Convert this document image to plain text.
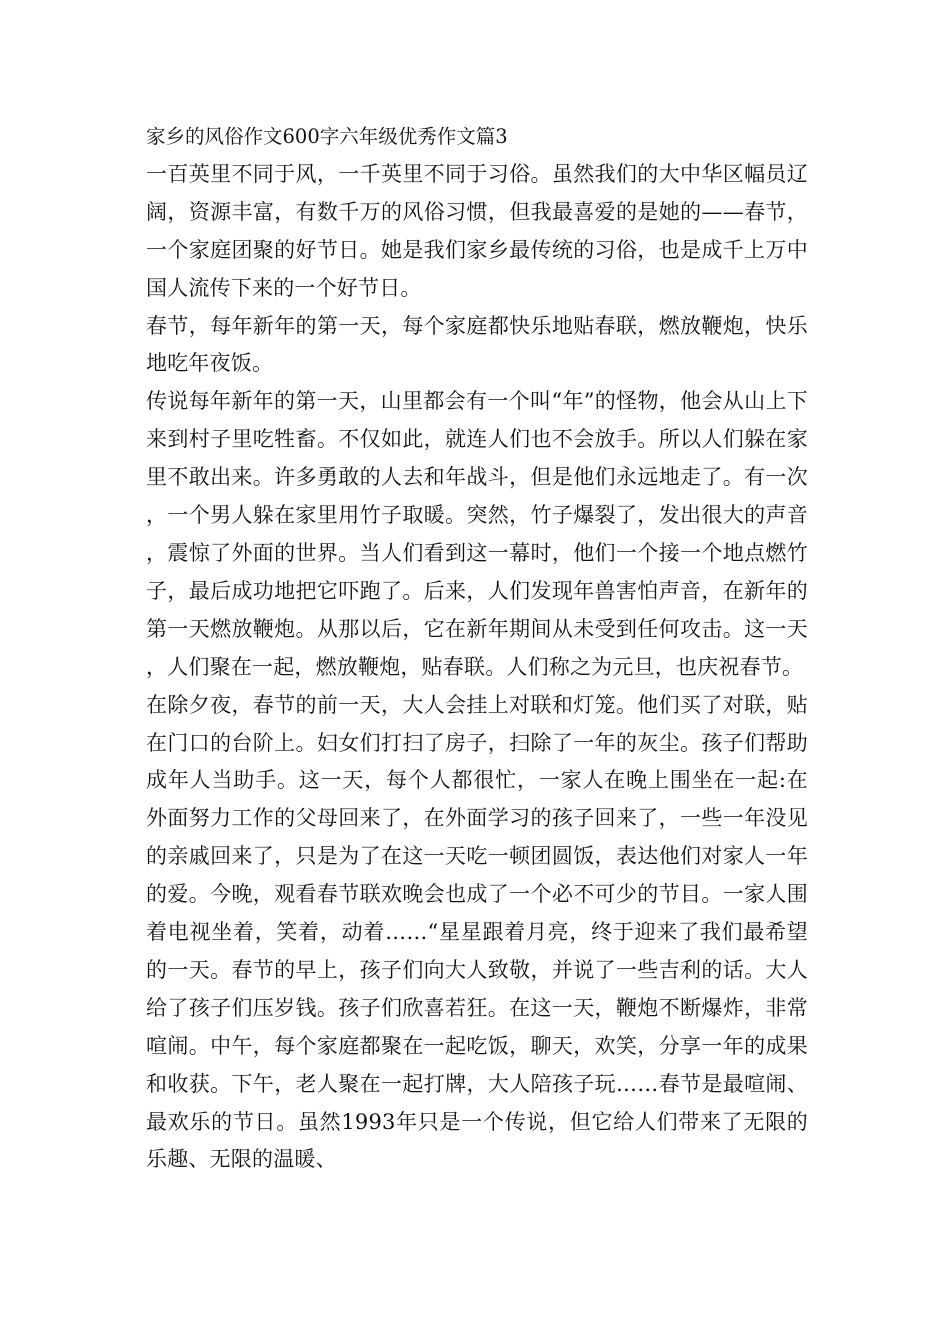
家乡的风俗作文600字六年级优秀作文篇3

一百英里不同于风，一千英里不同于习俗。虽然我们的大中华区幅员辽阔，资源丰富，有数千万的风俗习惯，但我最喜爱的是她的——春节，一个家庭团聚的好节日。她是我们家乡最传统的习俗，也是成千上万中国人流传下来的一个好节日。

春节，每年新年的第一天，每个家庭都快乐地贴春联，燃放鞭炮，快乐地吃年夜饭。

传说每年新年的第一天，山里都会有一个叫“年”的怪物，他会从山上下来到村子里吃牲畜。不仅如此，就连人们也不会放手。所以人们躲在家里不敢出来。许多勇敢的人去和年战斗，但是他们永远地走了。有一次，一个男人躲在家里用竹子取暖。突然，竹子爆裂了，发出很大的声音，震惊了外面的世界。当人们看到这一幕时，他们一个接一个地点燃竹子，最后成功地把它吓跑了。后来，人们发现年兽害怕声音，在新年的第一天燃放鞭炮。从那以后，它在新年期间从未受到任何攻击。这一天，人们聚在一起，燃放鞭炮，贴春联。人们称之为元旦，也庆祝春节。

在除夕夜，春节的前一天，大人会挂上对联和灯笼。他们买了对联，贴在门口的台阶上。妇女们打扫了房子，扫除了一年的灰尘。孩子们帮助成年人当助手。这一天，每个人都很忙，一家人在晚上围坐在一起:在外面努力工作的父母回来了，在外面学习的孩子回来了，一些一年没见的亲戚回来了，只是为了在这一天吃一顿团圆饭，表达他们对家人一年的爱。今晚，观看春节联欢晚会也成了一个必不可少的节目。一家人围着电视坐着，笑着，动着……“星星跟着月亮，终于迎来了我们最希望的一天。春节的早上，孩子们向大人致敬，并说了一些吉利的话。大人给了孩子们压岁钱。孩子们欣喜若狂。在这一天，鞭炮不断爆炸，非常喧闹。中午，每个家庭都聚在一起吃饭，聊天，欢笑，分享一年的成果和收获。下午，老人聚在一起打牌，大人陪孩子玩……春节是最喧闹、最欢乐的节日。虽然1993年只是一个传说，但它给人们带来了无限的乐趣、无限的温暖、
